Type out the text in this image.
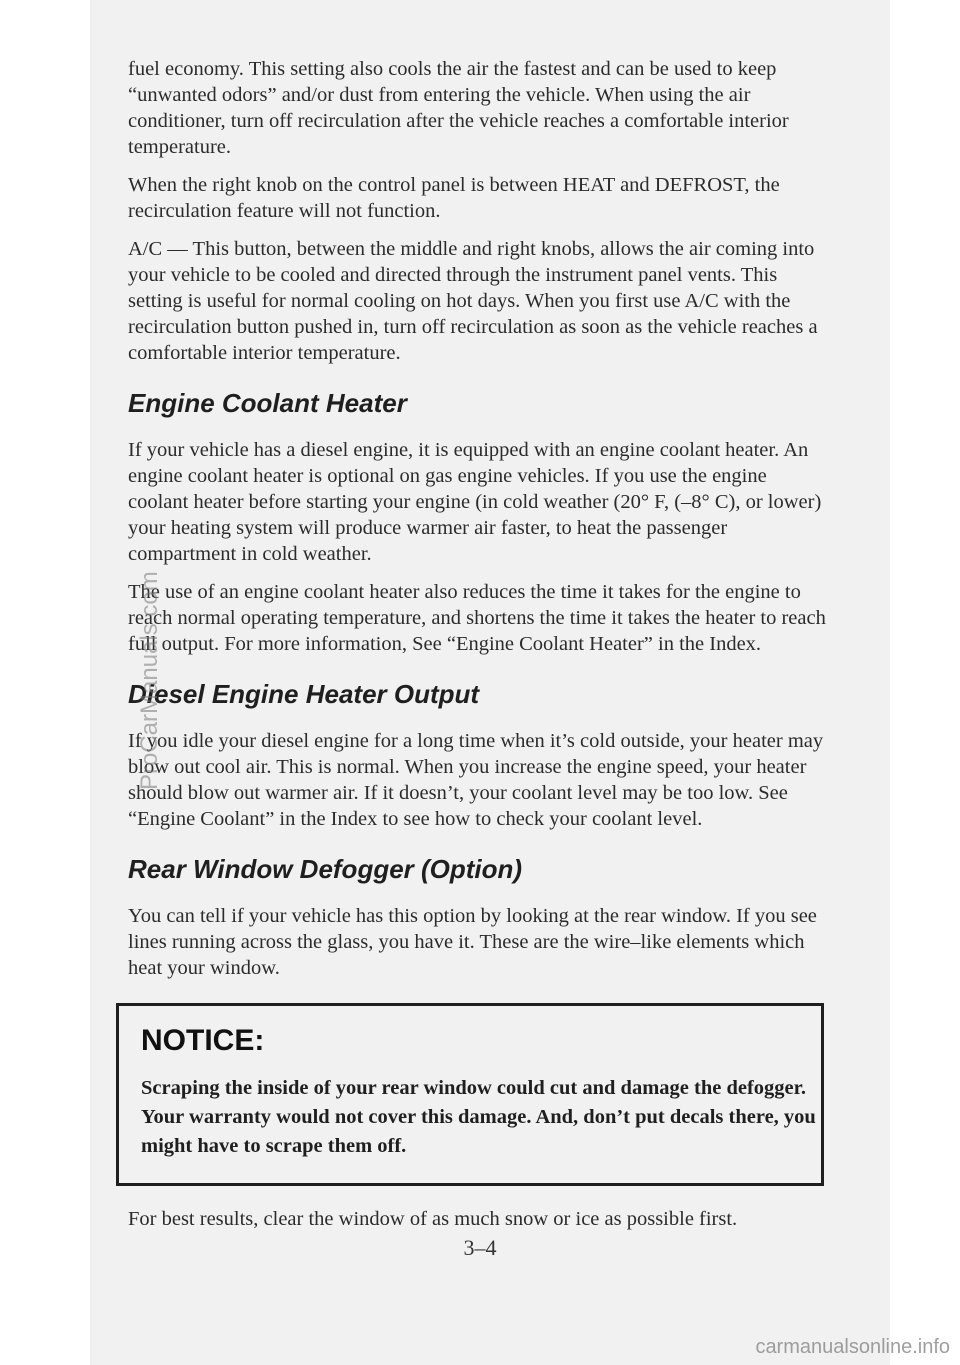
fuel economy. This setting also cools the air the fastest and can be used to keep “unwanted odors” and/or dust from entering the vehicle. When using the air conditioner, turn off recirculation after the vehicle reaches a comfortable interior temperature.

When the right knob on the control panel is between HEAT and DEFROST, the recirculation feature will not function.

A/C — This button, between the middle and right knobs, allows the air coming into your vehicle to be cooled and directed through the instrument panel vents. This setting is useful for normal cooling on hot days. When you first use A/C with the recirculation button pushed in, turn off recirculation as soon as the vehicle reaches a comfortable interior temperature.

Engine Coolant Heater

If your vehicle has a diesel engine, it is equipped with an engine coolant heater. An engine coolant heater is optional on gas engine vehicles. If you use the engine coolant heater before starting your engine (in cold weather (20° F, (–8° C), or lower) your heating system will produce warmer air faster, to heat the passenger compartment in cold weather.

The use of an engine coolant heater also reduces the time it takes for the engine to reach normal operating temperature, and shortens the time it takes the heater to reach full output. For more information, See “Engine Coolant Heater” in the Index.

Diesel Engine Heater Output

If you idle your diesel engine for a long time when it’s cold outside, your heater may blow out cool air. This is normal. When you increase the engine speed, your heater should blow out warmer air. If it doesn’t, your coolant level may be too low. See “Engine Coolant” in the Index to see how to check your coolant level.

Rear Window Defogger (Option)

You can tell if your vehicle has this option by looking at the rear window. If you see lines running across the glass, you have it. These are the wire–like elements which heat your window.

NOTICE:

Scraping the inside of your rear window could cut and damage the defogger. Your warranty would not cover this damage. And, don’t put decals there, you might have to scrape them off.

For best results, clear the window of as much snow or ice as possible first.

3–4
ProCarManuals.com
carmanualsonline.info
